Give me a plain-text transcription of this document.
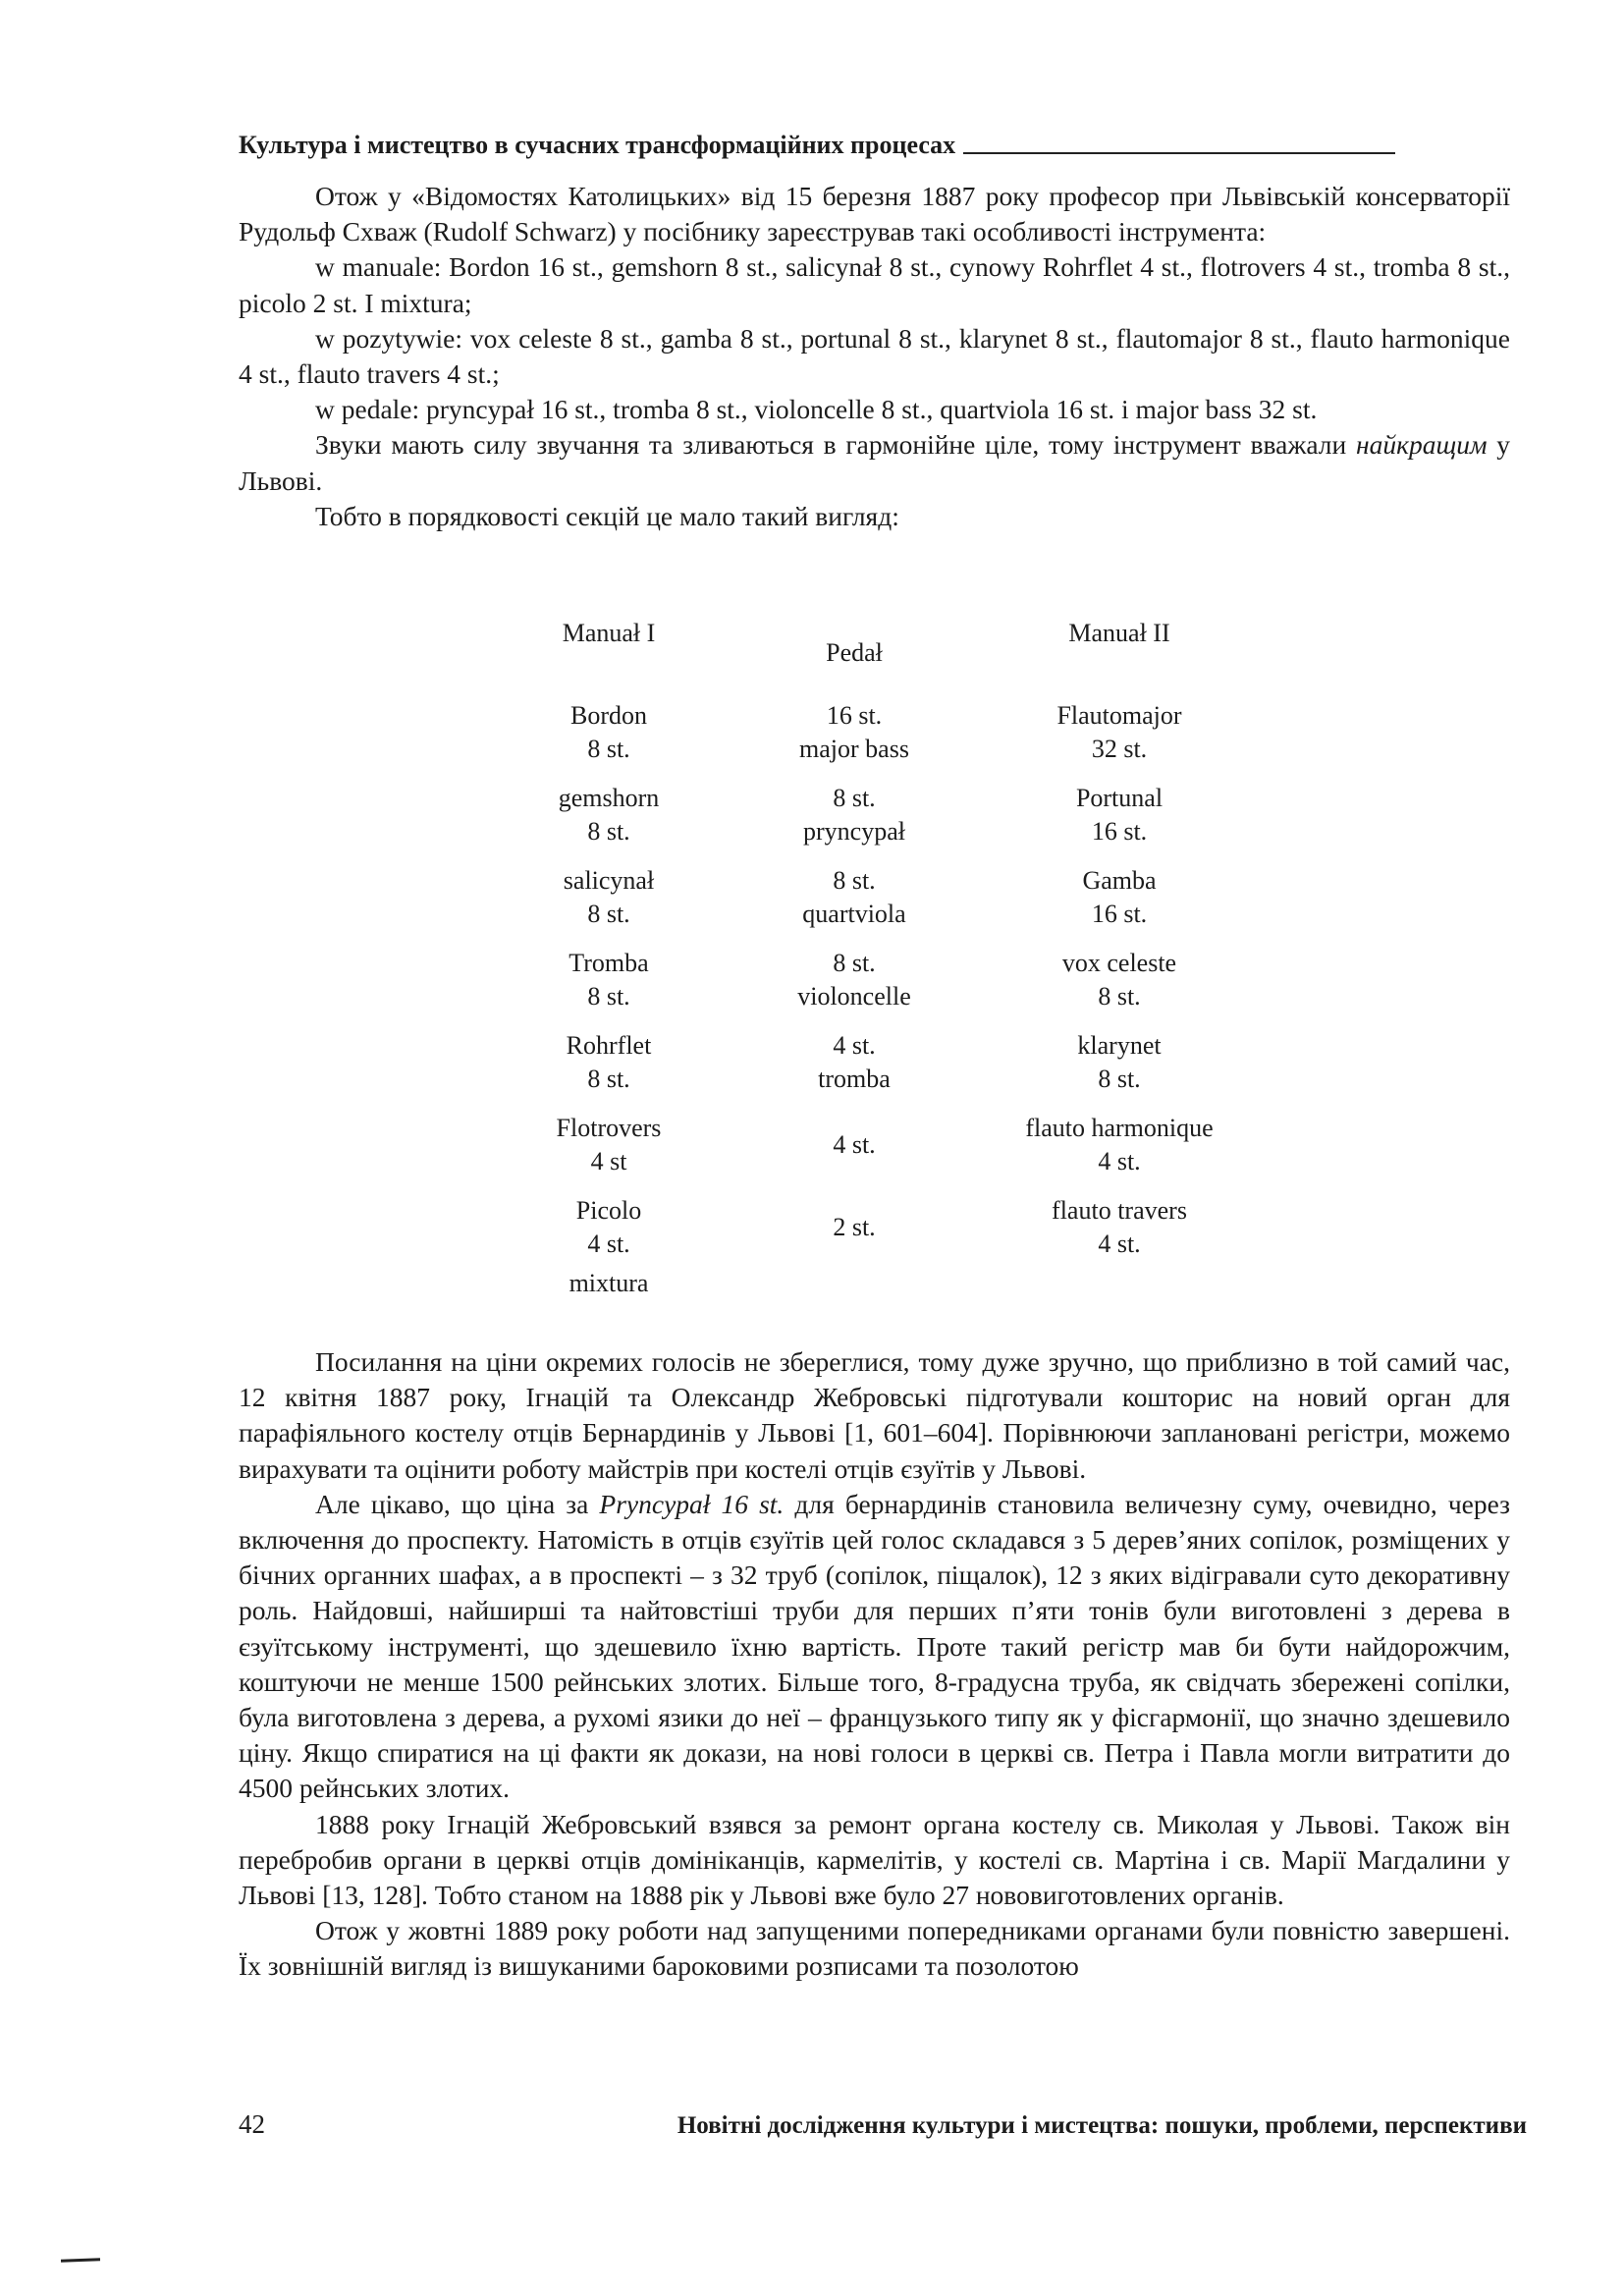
Культура і мистецтво в сучасних трансформаційних процесах

Отож у «Відомостях Католицьких» від 15 березня 1887 року професор при Львівській консерваторії Рудольф Схваж (Rudolf Schwarz) у посібнику зареєстрував такі особливості інструмента:

w manuale: Bordon 16 st., gemshorn 8 st., salicynał 8 st., cynowy Rohrflet 4 st., flotrovers 4 st., tromba 8 st., picolo 2 st. I mixtura;

w pozytywie: vox celeste 8 st., gamba 8 st., portunal 8 st., klarynet 8 st., flautomajor 8 st., flauto harmonique 4 st., flauto travers 4 st.;

w pedale: pryncypał 16 st., tromba 8 st., violoncelle 8 st., quartviola 16 st. i major bass 32 st.

Звуки мають силу звучання та зливаються в гармонійне ціле, тому інструмент вважали найкращим у Львові.

Тобто в порядковості секцій це мало такий вигляд:

Manuał I
Bordon
8 st.
gemshorn
8 st.
salicynał
8 st.
Tromba
8 st.
Rohrflet
8 st.
Flotrovers
4 st
Picolo
4 st.
mixtura
Pedał
16 st.
major bass
8 st.
pryncypał
8 st.
quartviola
8 st.
violoncelle
4 st.
tromba
4 st.
2 st.
Manuał II
Flautomajor
32 st.
Portunal
16 st.
Gamba
16 st.
vox celeste
8 st.
klarynet
8 st.
flauto harmonique
4 st.
flauto travers
4 st.

Посилання на ціни окремих голосів не збереглися, тому дуже зручно, що приблизно в той самий час, 12 квітня 1887 року, Ігнацій та Олександр Жебровські підготували кошторис на новий орган для парафіяльного костелу отців Бернардинів у Львові [1, 601–604]. Порівнюючи заплановані регістри, можемо вирахувати та оцінити роботу майстрів при костелі отців єзуїтів у Львові.

Але цікаво, що ціна за Pryncypał 16 st. для бернардинів становила величезну суму, очевидно, через включення до проспекту. Натомість в отців єзуїтів цей голос складався з 5 дерев’яних сопілок, розміщених у бічних органних шафах, а в проспекті – з 32 труб (сопілок, піщалок), 12 з яких відігравали суто декоративну роль. Найдовші, найширші та найтовстіші труби для перших п’яти тонів були виготовлені з дерева в єзуїтському інструменті, що здешевило їхню вартість. Проте такий регістр мав би бути найдорожчим, коштуючи не менше 1500 рейнських злотих. Більше того, 8-градусна труба, як свідчать збережені сопілки, була виготовлена з дерева, а рухомі язики до неї – французького типу як у фісгармонії, що значно здешевило ціну. Якщо спиратися на ці факти як докази, на нові голоси в церкві св. Петра і Павла могли витратити до 4500 рейнських злотих.

1888 року Ігнацій Жебровський взявся за ремонт органа костелу св. Миколая у Львові. Також він перебробив органи в церкві отців домініканців, кармелітів, у костелі св. Мартіна і св. Марії Магдалини у Львові [13, 128]. Тобто станом на 1888 рік у Львові вже було 27 нововиготовлених органів.

Отож у жовтні 1889 року роботи над запущеними попередниками органами були повністю завершені. Їх зовнішній вигляд із вишуканими бароковими розписами та позолотою

42	Новітні дослідження культури і мистецтва: пошуки, проблеми, перспективи
